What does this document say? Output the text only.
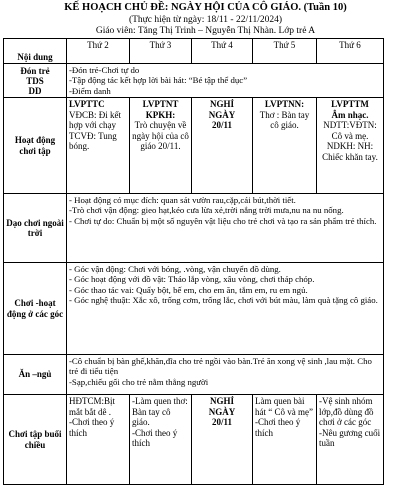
KẾ HOẠCH CHỦ ĐỀ: NGÀY HỘI CỦA CÔ GIÁO. (Tuần 10)
(Thực hiện từ ngày: 18/11 - 22/11/2024)
Giáo viên: Tăng Thị Trinh – Nguyễn Thị Nhàn. Lớp trẻ A
Nội dung	Thứ 2	Thứ 3	Thứ 4	Thứ 5	Thứ 6
Đón trẻ
TDS
DD	-Đón trẻ-Chơi tự do
-Tập động tác kết hợp lời bài hát: “Bé tập thể dục”
-Điểm danh				

Hoạt động chơi tập	LVPTTC
VĐCB: Đi kết hợp với chạy
TCVĐ: Tung bóng.	LVPTNT
KPKH:
Trò chuyện về ngày hội của cô giáo 20/11.	NGHỈ
NGÀY
20/11	LVPTNN:
Thơ : Bàn tay cô giáo.	LVPTTM
Âm nhạc.
NDTT:VĐTN: Cô và mẹ.
NDKH: NH: Chiếc khăn tay.

Dạo chơi ngoài trời	- Hoạt động có mục đích: quan sát vườn rau,cặp,cái bút,thời tiết.
-Trò chơi vận động: gieo hạt,kéo cưa lừa xẻ,trời nắng trời mưa,nu na nu nống.
- Chơi tự do: Chuẩn bị một số nguyên vật liệu cho trẻ chơi và tạo ra sản phẩm trẻ thích.				

Chơi -hoạt động ở các góc	- Góc vận động: Chơi với bóng, .vòng, vận chuyển đồ dùng.
- Góc hoạt động với đồ vật: Tháo lắp vòng, xâu vòng, chơi tháp chóp.
- Góc thao tác vai: Quấy bột, bế em, cho em ăn, tắm em, ru em ngủ.
- Góc nghệ thuật: Xắc xô, trống cơm, trống lắc, chơi với bút màu, làm quà tặng cô giáo.				

Ăn –ngủ	-Cô chuẩn bị bàn ghế,khăn,đĩa cho trẻ ngồi vào bàn.Trẻ ăn xong vệ sinh ,lau mặt. Cho trẻ đi tiểu tiện
-Sạp,chiếu gối cho trẻ nằm thẳng người				

Chơi tập buổi chiều	HĐTCM:Bịt mắt bắt dê .
-Chơi theo ý thích	-Làm quen thơ: Bàn tay cô giáo.
-Chơi theo ý thích	NGHỈ
NGÀY
20/11	Làm quen bài hát “ Cô và mẹ”
-Chơi theo ý thích	-Vệ sinh nhóm lớp,đồ dùng đồ chơi ở các góc
-Nêu gương cuối tuần
